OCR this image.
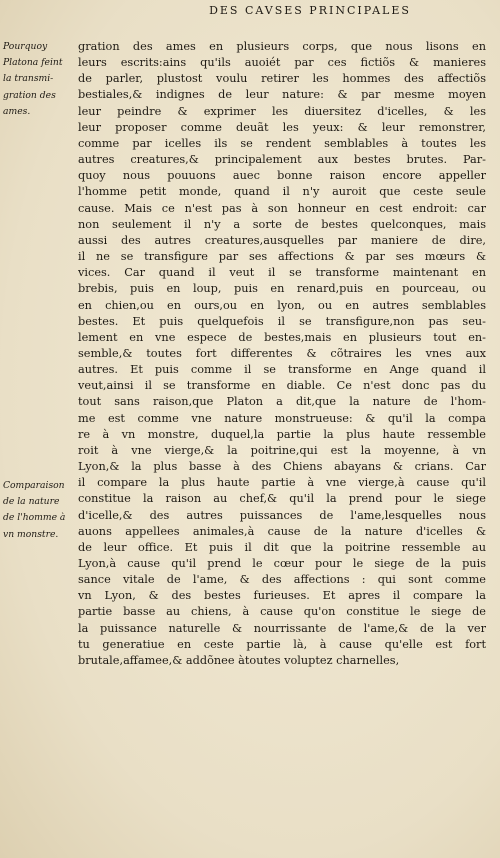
DES CAVSES PRINCIPALES
Pourquoy
Platona feint
la transmi-
gration des
ames.
Comparaison
de la nature
de l'homme à
vn monstre.
gration des ames en plusieurs corps, que nous lisons en
leurs escrits:ains qu'ils auoiét par ces fictiõs & manieres
de parler, plustost voulu retirer les hommes des affectiõs
bestiales,& indignes de leur nature: & par mesme moyen
leur peindre & exprimer les diuersitez d'icelles, & les
leur proposer comme deuãt les yeux: & leur remonstrer,
comme par icelles ils se rendent semblables à toutes les
autres creatures,& principalement aux bestes brutes. Par-
quoy nous pouuons auec bonne raison encore appeller
l'homme petit monde, quand il n'y auroit que ceste seule
cause. Mais ce n'est pas à son honneur en cest endroit: car
non seulement il n'y a sorte de bestes quelconques, mais
aussi des autres creatures,ausquelles par maniere de dire,
il ne se transfigure par ses affections & par ses mœurs &
vices. Car quand il veut il se transforme maintenant en
brebis, puis en loup, puis en renard,puis en pourceau, ou
en chien,ou en ours,ou en lyon, ou en autres semblables
bestes. Et puis quelquefois il se transfigure,non pas seu-
lement en vne espece de bestes,mais en plusieurs tout en-
semble,& toutes fort differentes & cõtraires les vnes aux
autres. Et puis comme il se transforme en Ange quand il
veut,ainsi il se transforme en diable. Ce n'est donc pas du
tout sans raison,que Platon a dit,que la nature de l'hom-
me est comme vne nature monstrueuse: & qu'il la compa
re à vn monstre, duquel,la partie la plus haute ressemble
roit à vne vierge,& la poitrine,qui est la moyenne, à vn
Lyon,& la plus basse à des Chiens abayans & crians. Car
il compare la plus haute partie à vne vierge,à cause qu'il
constitue la raison au chef,& qu'il la prend pour le siege
d'icelle,& des autres puissances de l'ame,lesquelles nous
auons appellees animales,à cause de la nature d'icelles &
de leur office. Et puis il dit que la poitrine ressemble au
Lyon,à cause qu'il prend le cœur pour le siege de la puis
sance vitale de l'ame, & des affections : qui sont comme
vn Lyon, & des bestes furieuses. Et apres il compare la
partie basse au chiens, à cause qu'on constitue le siege de
la puissance naturelle & nourrissante de l'ame,& de la ver
tu generatiue en ceste partie là, à cause qu'elle est fort
brutale,affamee,& addõnee àtoutes voluptez charnelles,
